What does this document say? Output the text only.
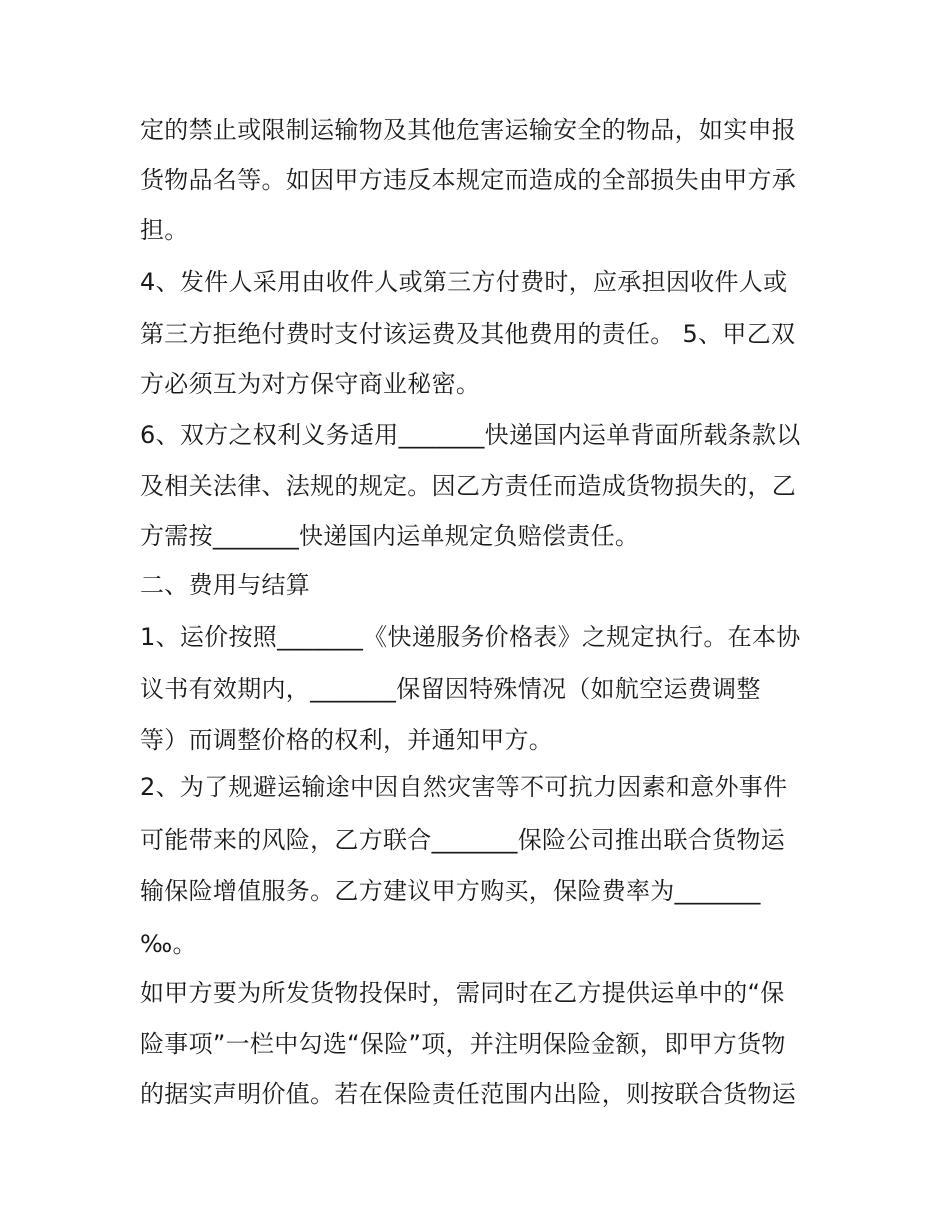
定的禁止或限制运输物及其他危害运输安全的物品，如实申报
货物品名等。如因甲方违反本规定而造成的全部损失由甲方承
担。
4、发件人采用由收件人或第三方付费时，应承担因收件人或
第三方拒绝付费时支付该运费及其他费用的责任。 5、甲乙双
方必须互为对方保守商业秘密。
6、双方之权利义务适用_______快递国内运单背面所载条款以
及相关法律、法规的规定。因乙方责任而造成货物损失的，乙
方需按_______快递国内运单规定负赔偿责任。
二、费用与结算
1、运价按照_______《快递服务价格表》之规定执行。在本协
议书有效期内，_______保留因特殊情况（如航空运费调整
等）而调整价格的权利，并通知甲方。
2、为了规避运输途中因自然灾害等不可抗力因素和意外事件
可能带来的风险，乙方联合_______保险公司推出联合货物运
输保险增值服务。乙方建议甲方购买，保险费率为_______
‰。
如甲方要为所发货物投保时，需同时在乙方提供运单中的“保
险事项”一栏中勾选“保险”项，并注明保险金额，即甲方货物
的据实声明价值。若在保险责任范围内出险，则按联合货物运
